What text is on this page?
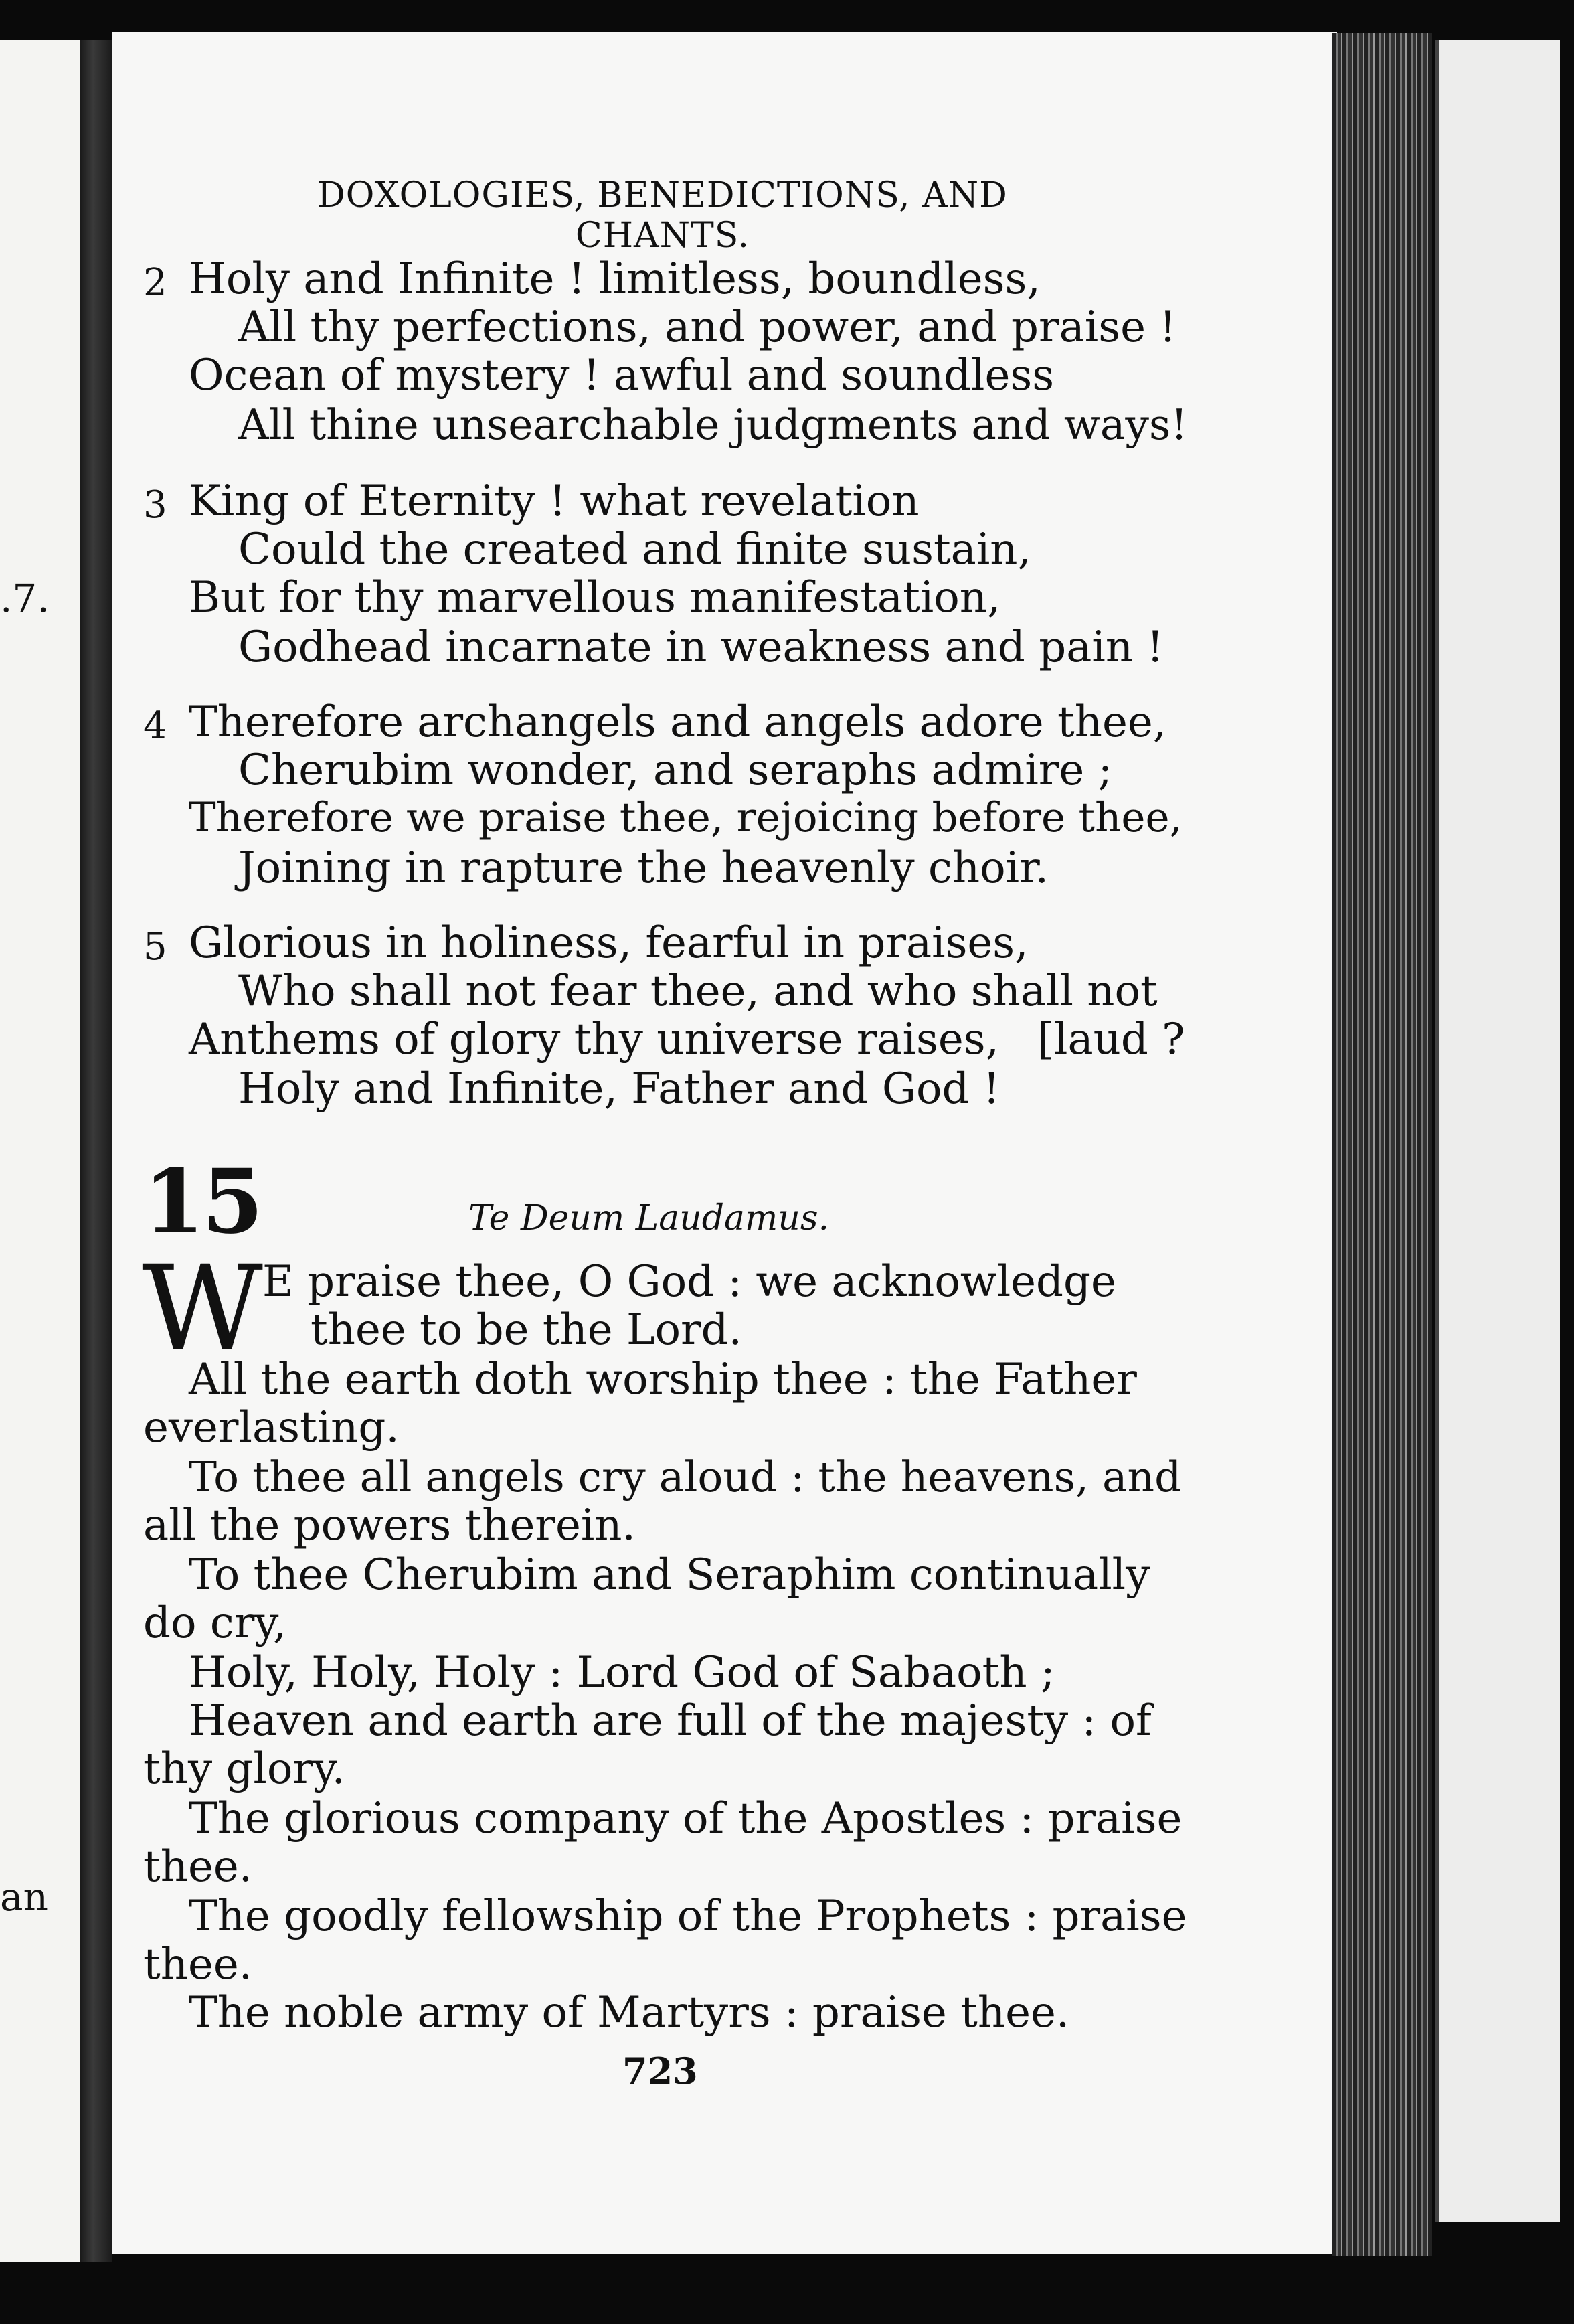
.7.
an
DOXOLOGIES, BENEDICTIONS, AND CHANTS.
2 Holy and Infinite ! limitless, boundless,
All thy perfections, and power, and praise !
Ocean of mystery ! awful and soundless
All thine unsearchable judgments and ways!
3 King of Eternity ! what revelation
Could the created and finite sustain,
But for thy marvellous manifestation,
Godhead incarnate in weakness and pain !
4 Therefore archangels and angels adore thee,
Cherubim wonder, and seraphs admire ;
Therefore we praise thee, rejoicing before thee,
Joining in rapture the heavenly choir.
5 Glorious in holiness, fearful in praises,
Who shall not fear thee, and who shall not
Anthems of glory thy universe raises, [laud ?
Holy and Infinite, Father and God !
15	Te Deum Laudamus.
W E praise thee, O God : we acknowledge
thee to be the Lord.
All the earth doth worship thee : the Father
everlasting.
To thee all angels cry aloud : the heavens, and
all the powers therein.
To thee Cherubim and Seraphim continually
do cry,
Holy, Holy, Holy : Lord God of Sabaoth ;
Heaven and earth are full of the majesty : of
thy glory.
The glorious company of the Apostles : praise
thee.
The goodly fellowship of the Prophets : praise
thee.
The noble army of Martyrs : praise thee.
723
